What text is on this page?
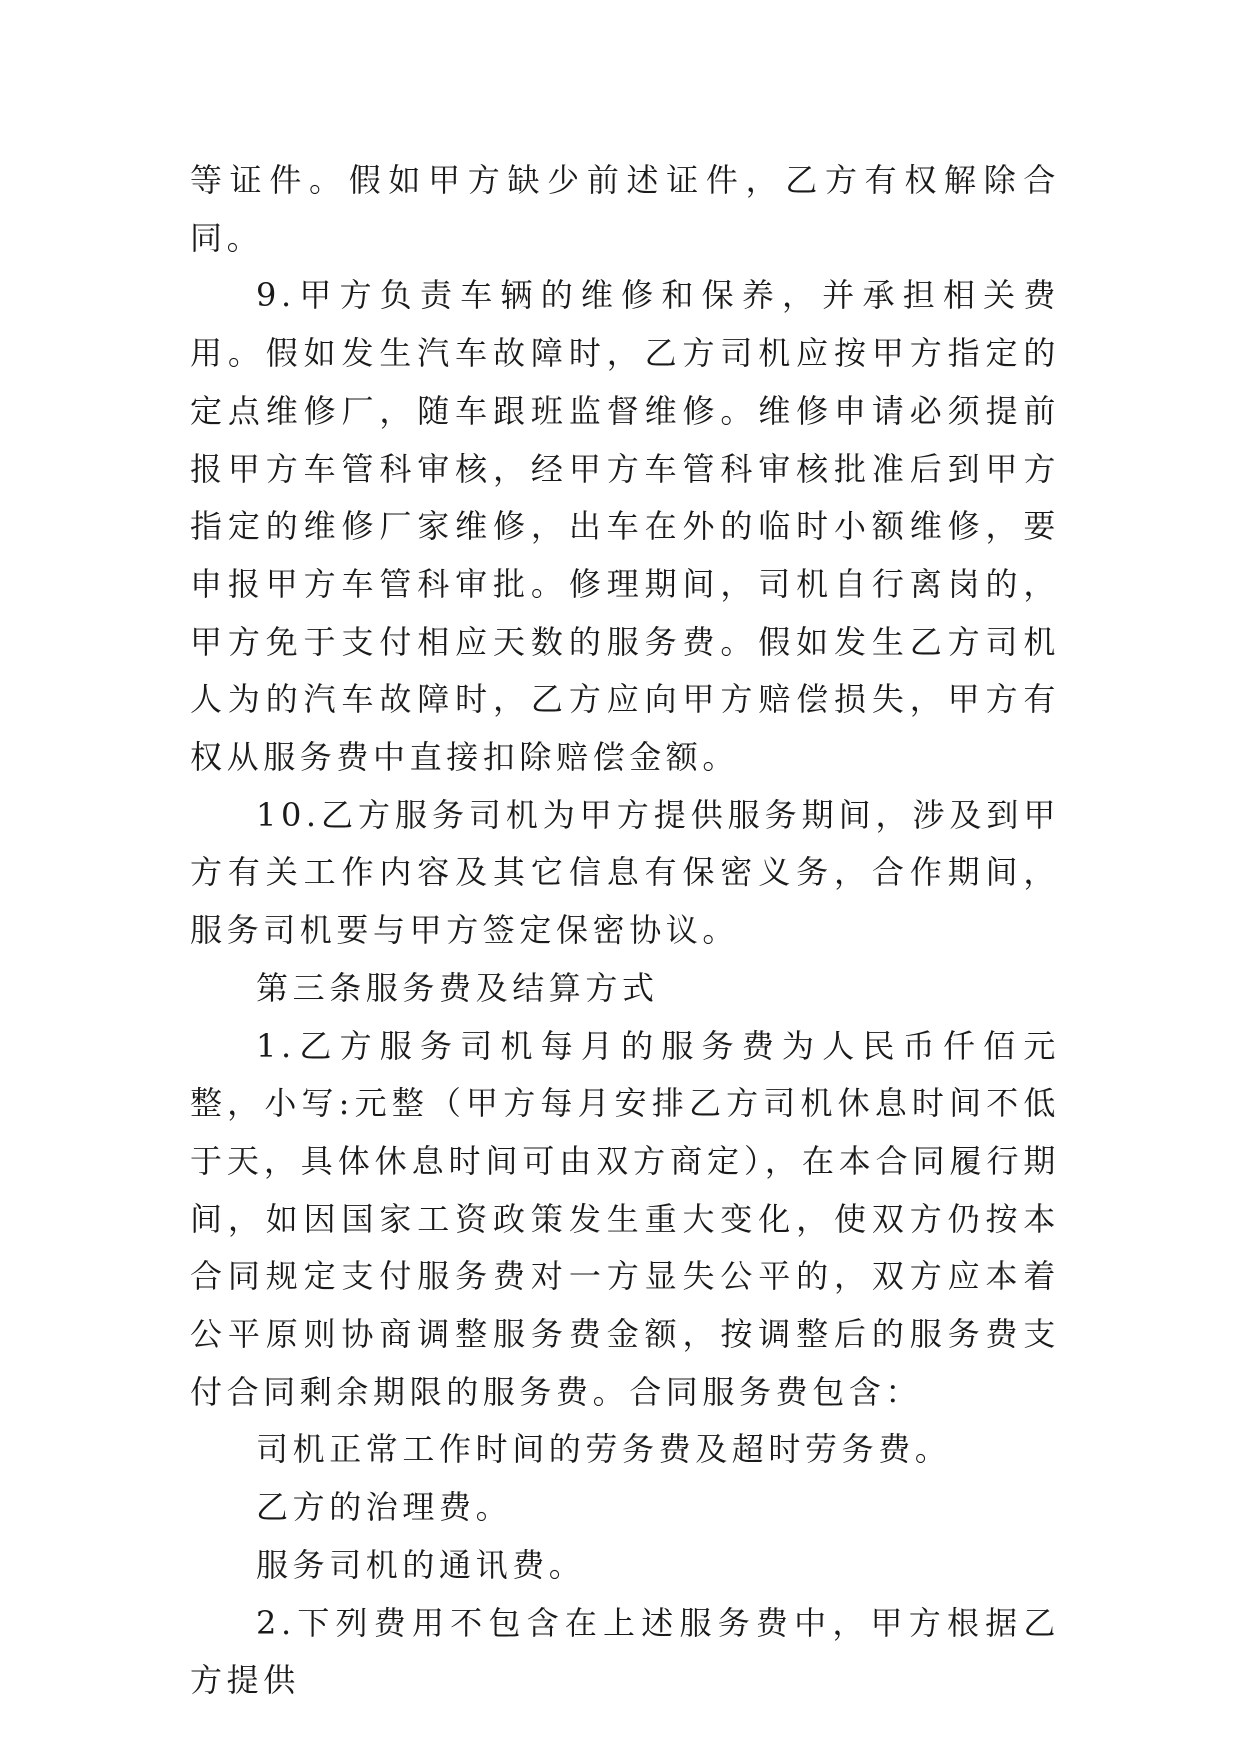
等证件。假如甲方缺少前述证件，乙方有权解除合同。

9.甲方负责车辆的维修和保养，并承担相关费用。假如发生汽车故障时，乙方司机应按甲方指定的定点维修厂，随车跟班监督维修。维修申请必须提前报甲方车管科审核，经甲方车管科审核批准后到甲方指定的维修厂家维修，出车在外的临时小额维修，要申报甲方车管科审批。修理期间，司机自行离岗的，甲方免于支付相应天数的服务费。假如发生乙方司机人为的汽车故障时，乙方应向甲方赔偿损失，甲方有权从服务费中直接扣除赔偿金额。

10.乙方服务司机为甲方提供服务期间，涉及到甲方有关工作内容及其它信息有保密义务，合作期间，服务司机要与甲方签定保密协议。

第三条服务费及结算方式

1.乙方服务司机每月的服务费为人民币仟佰元整，小写:元整（甲方每月安排乙方司机休息时间不低于天，具体休息时间可由双方商定），在本合同履行期间，如因国家工资政策发生重大变化，使双方仍按本合同规定支付服务费对一方显失公平的，双方应本着公平原则协商调整服务费金额，按调整后的服务费支付合同剩余期限的服务费。合同服务费包含：

司机正常工作时间的劳务费及超时劳务费。

乙方的治理费。

服务司机的通讯费。

2.下列费用不包含在上述服务费中，甲方根据乙方提供
